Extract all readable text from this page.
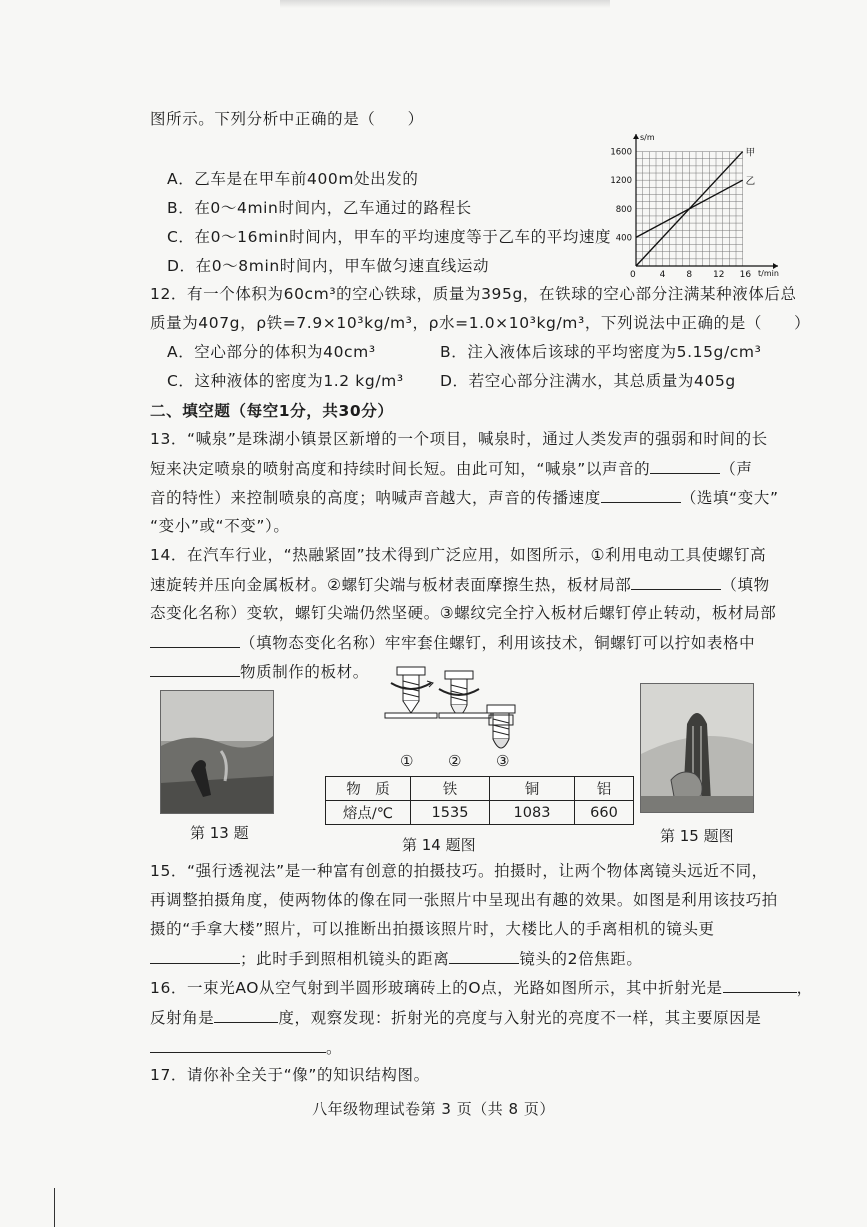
图所示。下列分析中正确的是（　　）
A．乙车是在甲车前400m处出发的
B．在0～4min时间内，乙车通过的路程长
C．在0～16min时间内，甲车的平均速度等于乙车的平均速度
D．在0～8min时间内，甲车做匀速直线运动
s/m
t/min
0	4 8 12 16
400
800
1200
1600	甲
乙
12．有一个体积为60cm³的空心铁球，质量为395g，在铁球的空心部分注满某种液体后总
质量为407g，ρ铁=7.9×10³kg/m³，ρ水=1.0×10³kg/m³，下列说法中正确的是（　　）
A．空心部分的体积为40cm³	B．注入液体后该球的平均密度为5.15g/cm³
C．这种液体的密度为1.2 kg/m³ D．若空心部分注满水，其总质量为405g
二、填空题（每空1分，共30分）
13．“喊泉”是珠湖小镇景区新增的一个项目，喊泉时，通过人类发声的强弱和时间的长
短来决定喷泉的喷射高度和持续时间长短。由此可知，“喊泉”以声音的	（声
音的特性）来控制喷泉的高度；呐喊声音越大，声音的传播速度	（选填“变大”
“变小”或“不变”）。
14．在汽车行业，“热融紧固”技术得到广泛应用，如图所示，①利用电动工具使螺钉高
速旋转并压向金属板材。②螺钉尖端与板材表面摩擦生热，板材局部	（填物
态变化名称）变软，螺钉尖端仍然坚硬。③螺纹完全拧入板材后螺钉停止转动，板材局部
（填物态变化名称）牢牢套住螺钉，利用该技术，铜螺钉可以拧如表格中
物质制作的板材。
第 13 题
① ② ③
物　质	铁	铜	铝
熔点/℃	1535	1083	660
第 14 题图	第 15 题图
15．“强行透视法”是一种富有创意的拍摄技巧。拍摄时，让两个物体离镜头远近不同，
再调整拍摄角度，使两物体的像在同一张照片中呈现出有趣的效果。如图是利用该技巧拍
摄的“手拿大楼”照片，可以推断出拍摄该照片时，大楼比人的手离相机的镜头更
；此时手到照相机镜头的距离	镜头的2倍焦距。
16．一束光AO从空气射到半圆形玻璃砖上的O点，光路如图所示，其中折射光是	，
反射角是	度，观察发现：折射光的亮度与入射光的亮度不一样，其主要原因是
。
17．请你补全关于“像”的知识结构图。
八年级物理试卷第 3 页（共 8 页）
